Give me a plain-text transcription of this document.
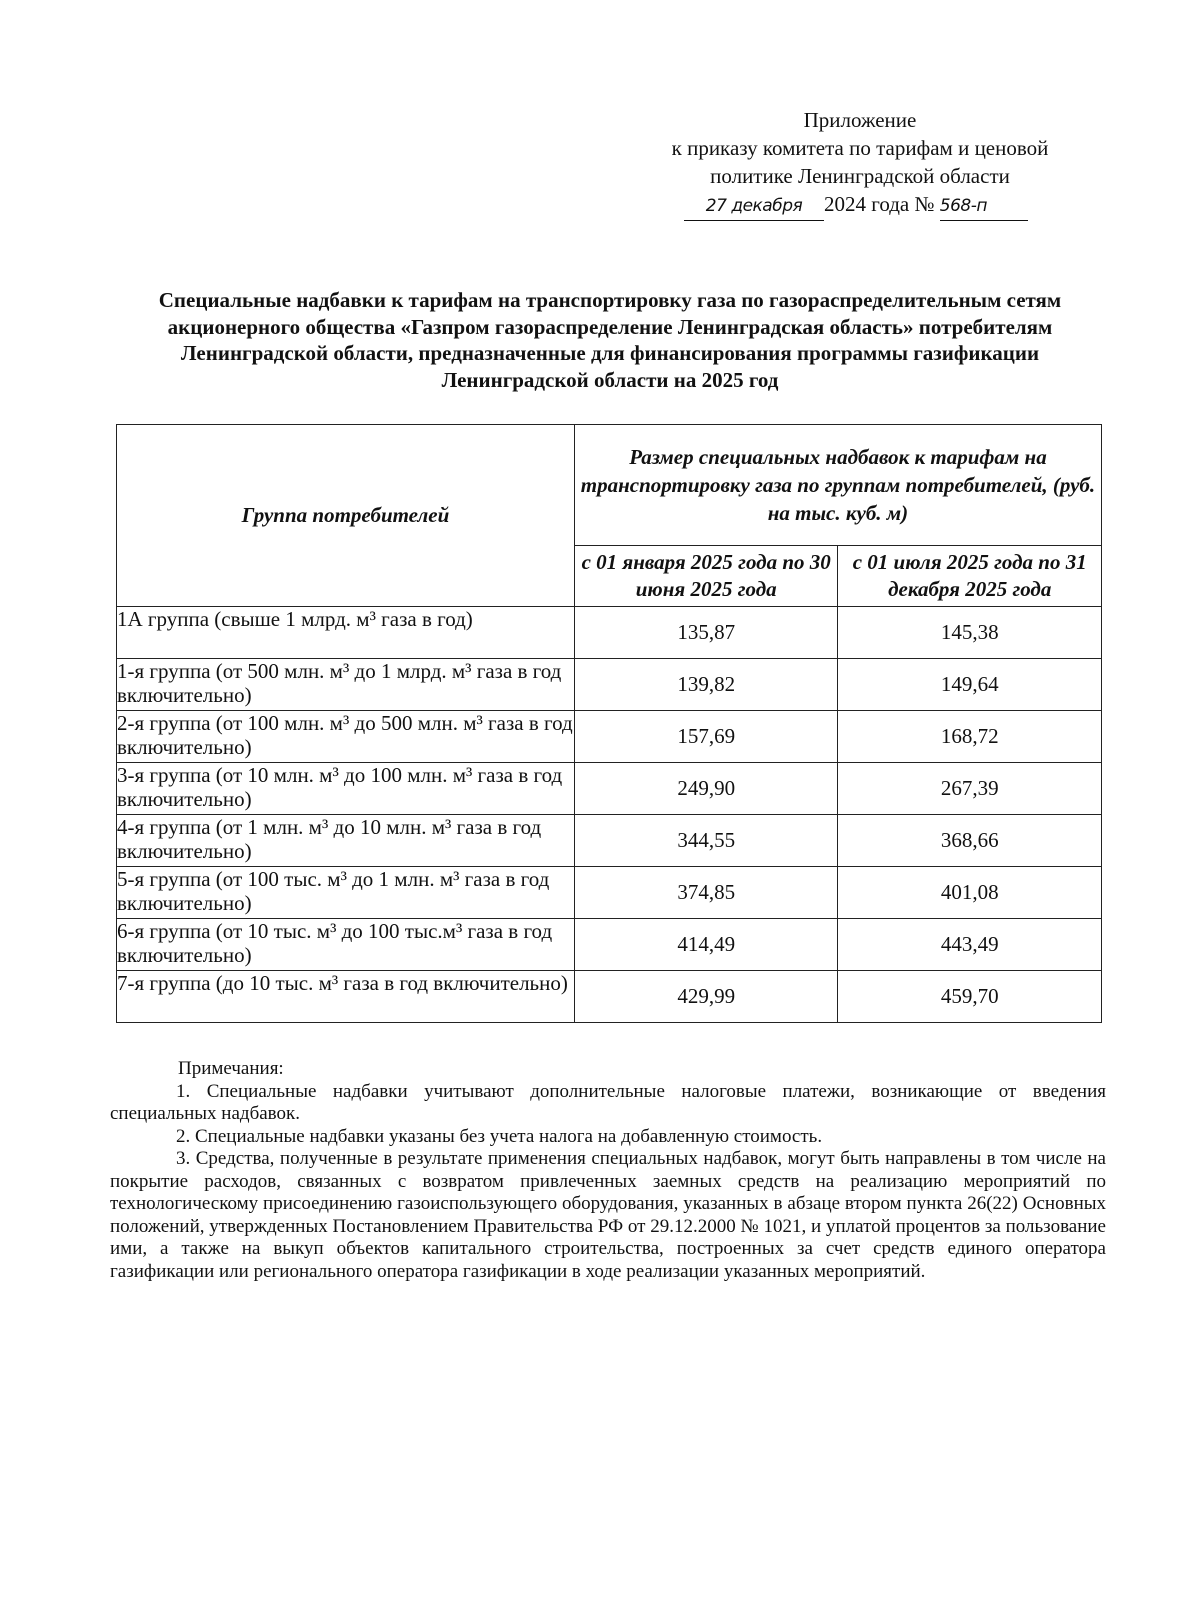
Приложение
к приказу комитета по тарифам и ценовой
политике Ленинградской области
27 декабря 2024 года № 568-п
Специальные надбавки к тарифам на транспортировку газа по газораспределительным сетям акционерного общества «Газпром газораспределение Ленинградская область» потребителям Ленинградской области, предназначенные для финансирования программы газификации Ленинградской области на 2025 год
Группа потребителей	Размер специальных надбавок к тарифам на транспортировку газа по группам потребителей, (руб. на тыс. куб. м)	
	с 01 января 2025 года по 30 июня 2025 года	с 01 июля 2025 года по 31 декабря 2025 года
1А группа (свыше 1 млрд. м³ газа в год)	135,87	145,38
1-я группа (от 500 млн. м³ до 1 млрд. м³ газа в год включительно)	139,82	149,64
2-я группа (от 100 млн. м³ до 500 млн. м³ газа в год включительно)	157,69	168,72
3-я группа (от 10 млн. м³ до 100 млн. м³ газа в год включительно)	249,90	267,39
4-я группа (от 1 млн. м³ до 10 млн. м³ газа в год включительно)	344,55	368,66
5-я группа (от 100 тыс. м³ до 1 млн. м³ газа в год включительно)	374,85	401,08
6-я группа (от 10 тыс. м³ до 100 тыс.м³ газа в год включительно)	414,49	443,49
7-я группа (до 10 тыс. м³ газа в год включительно)	429,99	459,70

Примечания:

1. Специальные надбавки учитывают дополнительные налоговые платежи, возникающие от введения специальных надбавок.

2. Специальные надбавки указаны без учета налога на добавленную стоимость.

3. Средства, полученные в результате применения специальных надбавок, могут быть направлены в том числе на покрытие расходов, связанных с возвратом привлеченных заемных средств на реализацию мероприятий по технологическому присоединению газоиспользующего оборудования, указанных в абзаце втором пункта 26(22) Основных положений, утвержденных Постановлением Правительства РФ от 29.12.2000 № 1021, и уплатой процентов за пользование ими, а также на выкуп объектов капитального строительства, построенных за счет средств единого оператора газификации или регионального оператора газификации в ходе реализации указанных мероприятий.
